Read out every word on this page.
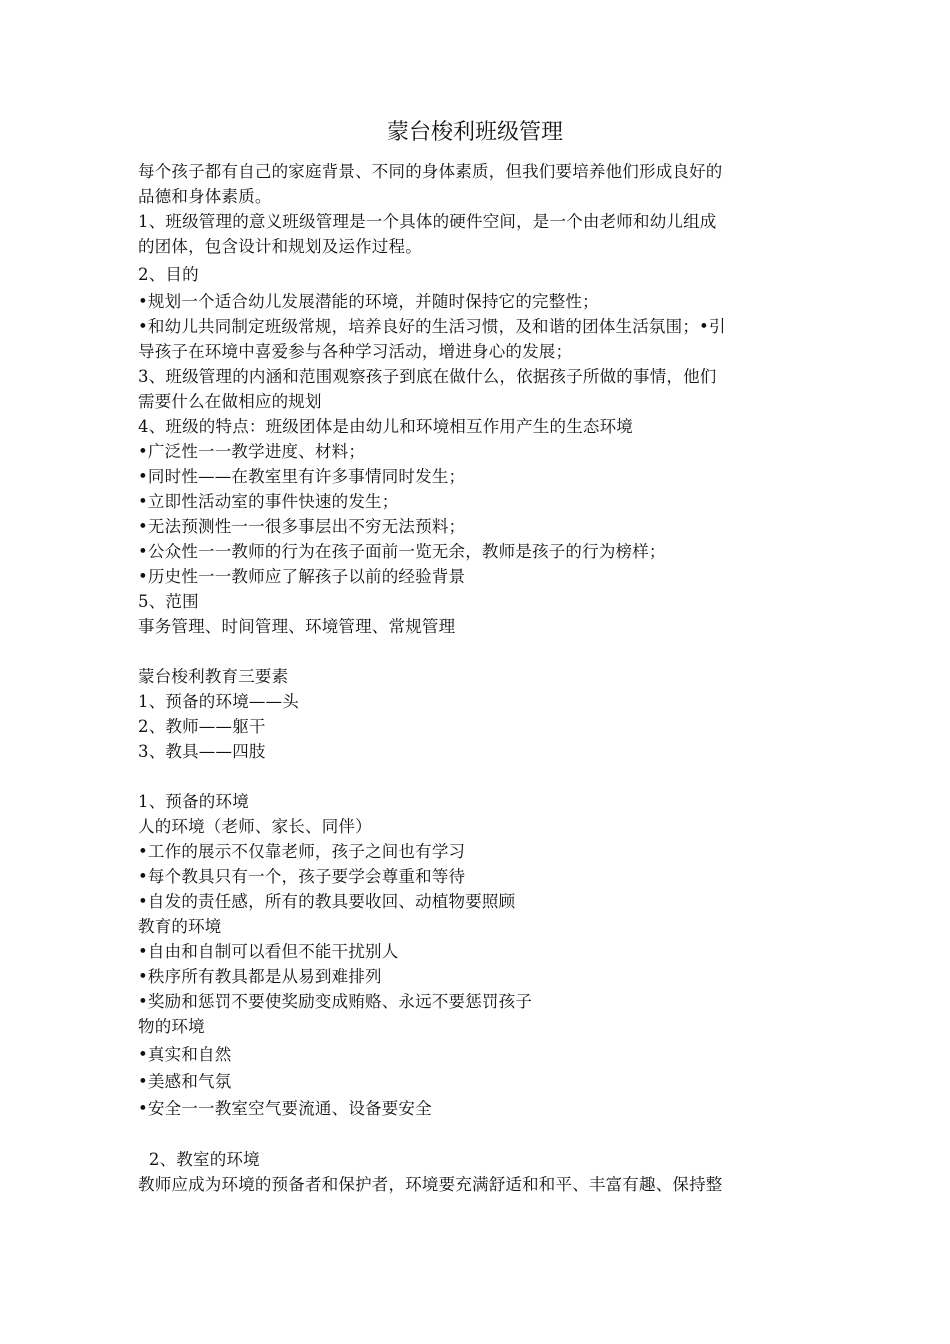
蒙台梭利班级管理
每个孩子都有自己的家庭背景、不同的身体素质，但我们要培养他们形成良好的
品德和身体素质。
1、班级管理的意义班级管理是一个具体的硬件空间，是一个由老师和幼儿组成
的团体，包含设计和规划及运作过程。
2、目的
•规划一个适合幼儿发展潜能的环境，并随时保持它的完整性；
•和幼儿共同制定班级常规，培养良好的生活习惯，及和谐的团体生活氛围；•引
导孩子在环境中喜爱参与各种学习活动，增进身心的发展；
3、班级管理的内涵和范围观察孩子到底在做什么，依据孩子所做的事情，他们
需要什么在做相应的规划
4、班级的特点：班级团体是由幼儿和环境相互作用产生的生态环境
•广泛性一一教学进度、材料；
•同时性——在教室里有许多事情同时发生；
•立即性活动室的事件快速的发生；
•无法预测性一一很多事层出不穷无法预料；
•公众性一一教师的行为在孩子面前一览无余，教师是孩子的行为榜样；
•历史性一一教师应了解孩子以前的经验背景
5、范围
事务管理、时间管理、环境管理、常规管理
蒙台梭利教育三要素
1、预备的环境——头
2、教师——躯干
3、教具——四肢
1、预备的环境
人的环境（老师、家长、同伴）
•工作的展示不仅靠老师，孩子之间也有学习
•每个教具只有一个，孩子要学会尊重和等待
•自发的责任感，所有的教具要收回、动植物要照顾
教育的环境
•自由和自制可以看但不能干扰别人
•秩序所有教具都是从易到难排列
•奖励和惩罚不要使奖励变成贿赂、永远不要惩罚孩子
物的环境
•真实和自然
•美感和气氛
•安全一一教室空气要流通、设备要安全
2、教室的环境
教师应成为环境的预备者和保护者，环境要充满舒适和和平、丰富有趣、保持整
